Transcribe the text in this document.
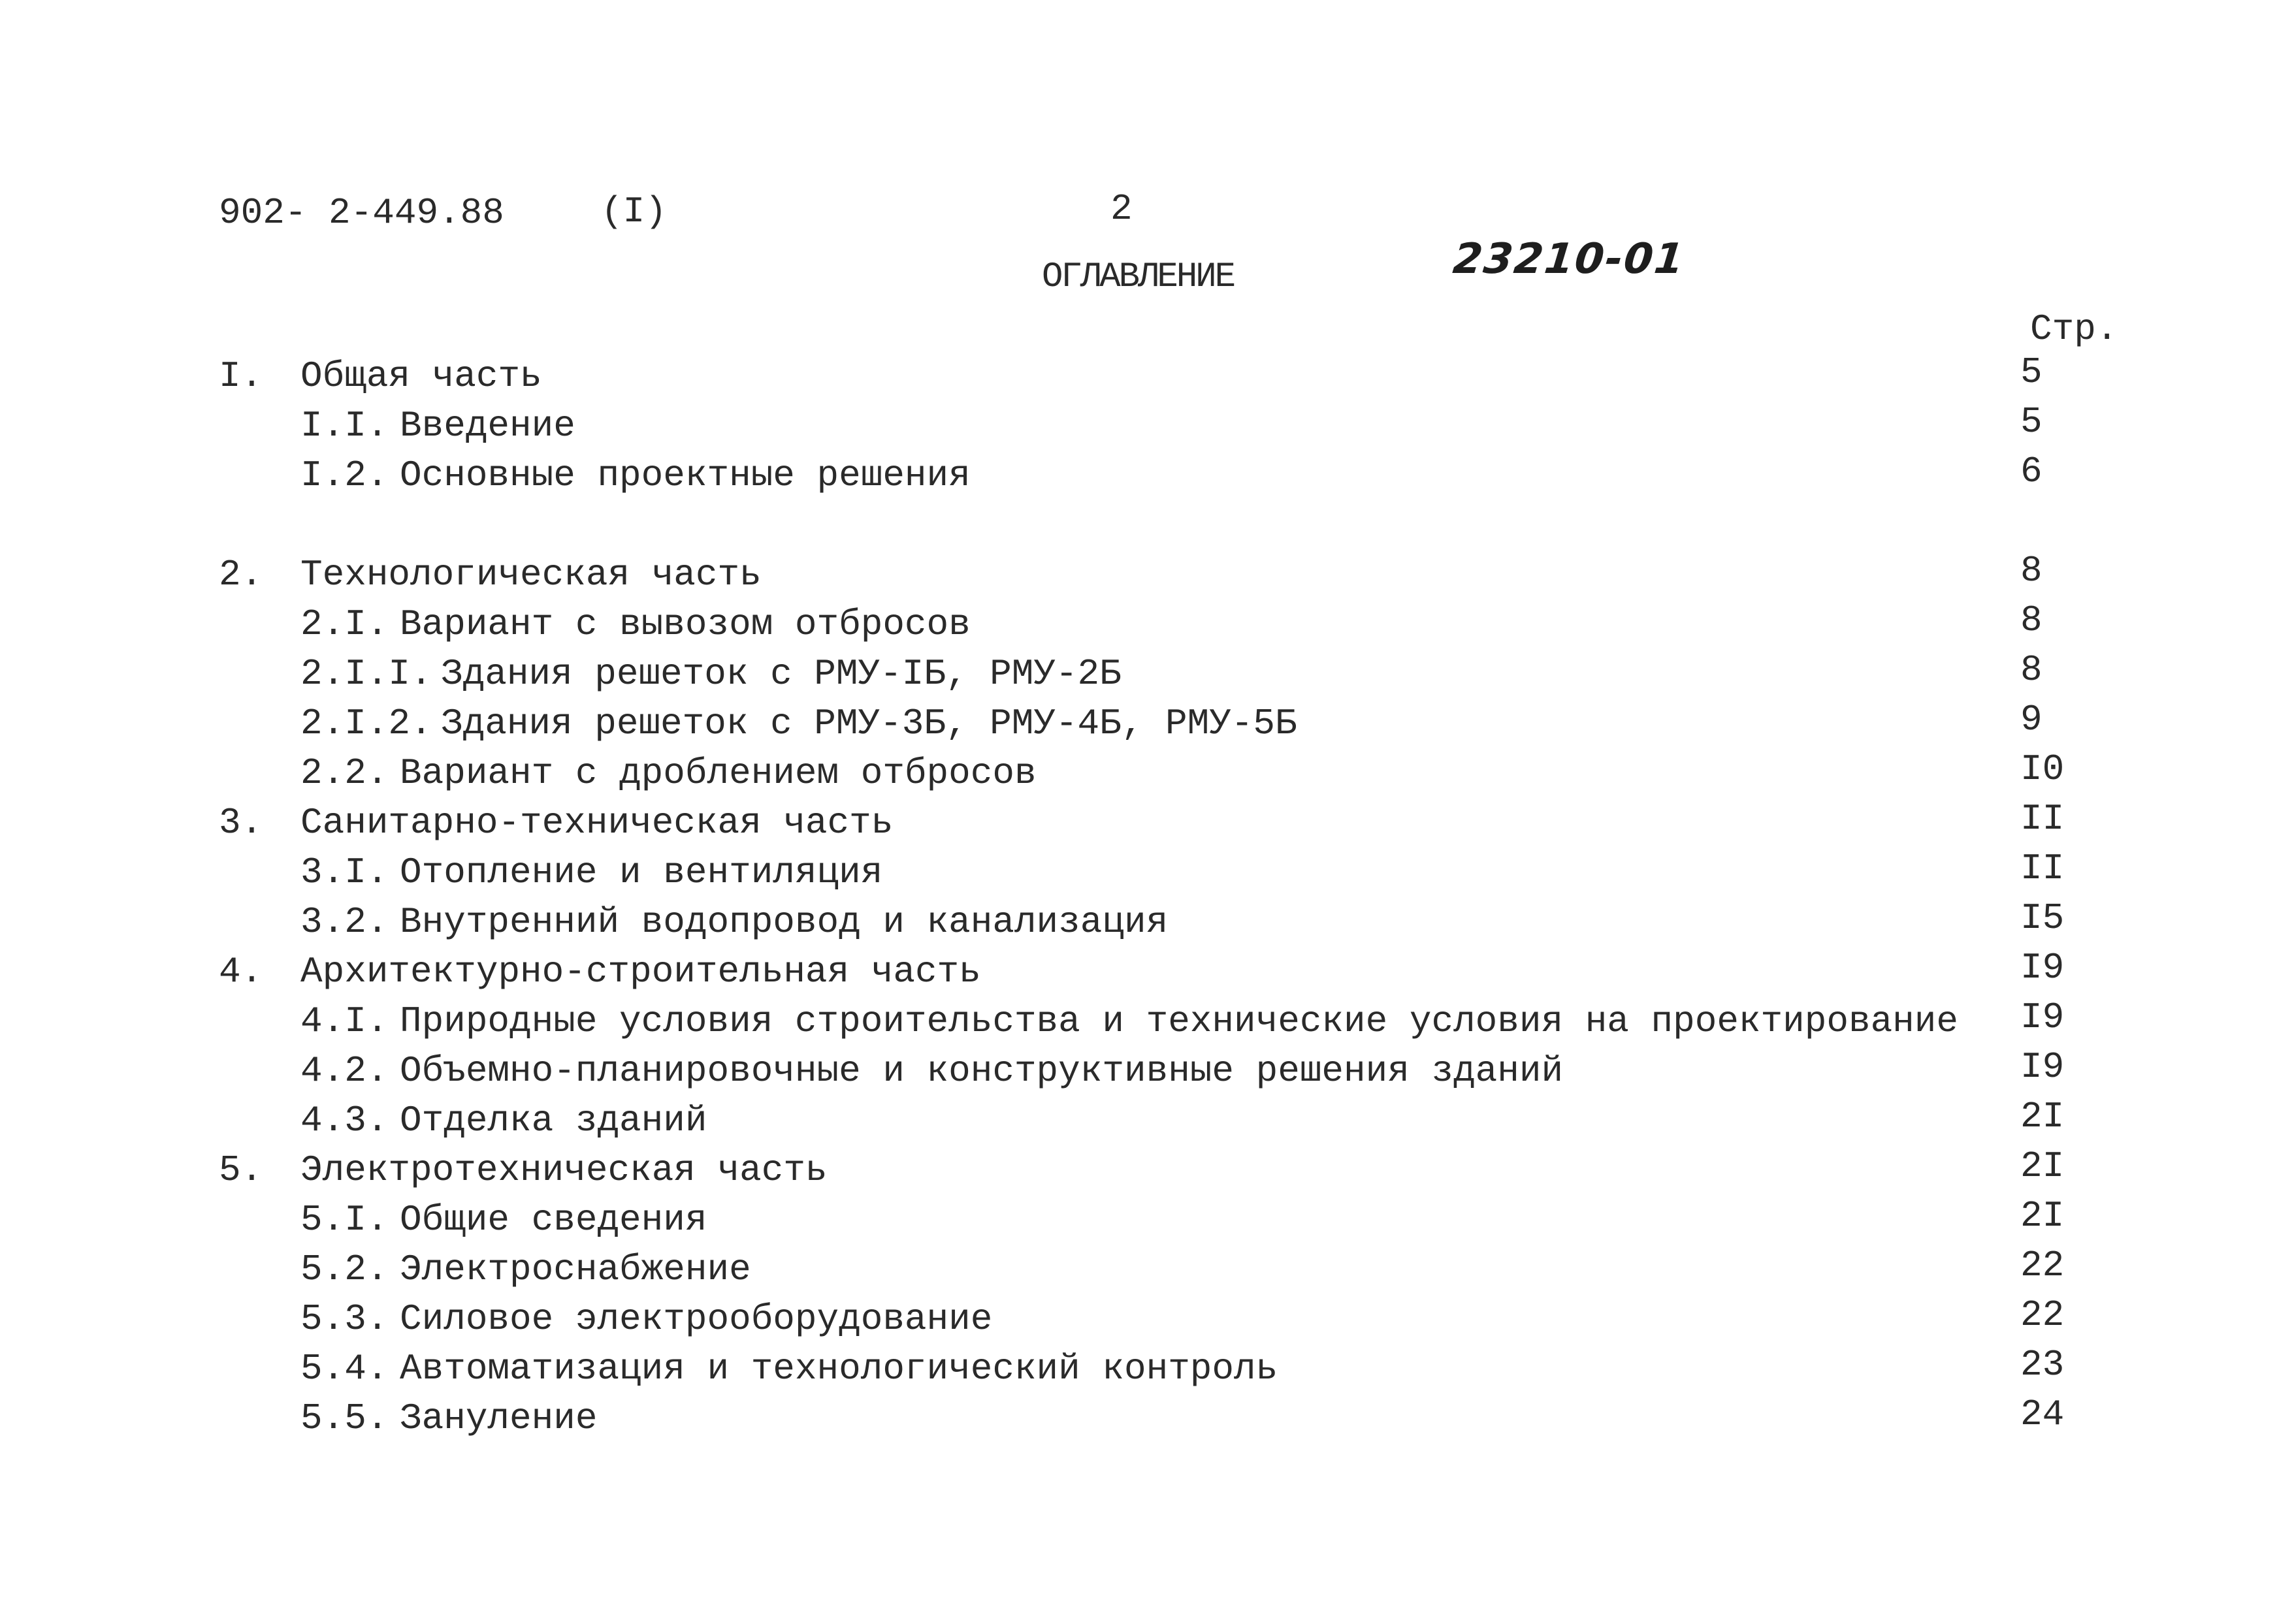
902- 2-449.88	(I)	2
ОГЛАВЛЕНИЕ	23210-01
Стр.
I. Общая часть	5
I.I. Введение	5
I.2. Основные проектные решения	6
2. Технологическая часть	8
2.I. Вариант с вывозом отбросов	8
2.I.I. Здания решеток с РМУ-IБ, РМУ-2Б	8
2.I.2. Здания решеток с РМУ-3Б, РМУ-4Б, РМУ-5Б	9
2.2. Вариант с дроблением отбросов	I0
3. Санитарно-техническая часть	II
3.I. Отопление и вентиляция	II
3.2. Внутренний водопровод и канализация	I5
4. Архитектурно-строительная часть	I9
4.I. Природные условия строительства и технические условия на проектирование I9
4.2. Объемно-планировочные и конструктивные решения зданий	I9
4.3. Отделка зданий	2I
5. Электротехническая часть	2I
5.I. Общие сведения	2I
5.2. Электроснабжение	22
5.3. Силовое электрооборудование	22
5.4. Автоматизация и технологический контроль	23
5.5. Зануление	24
